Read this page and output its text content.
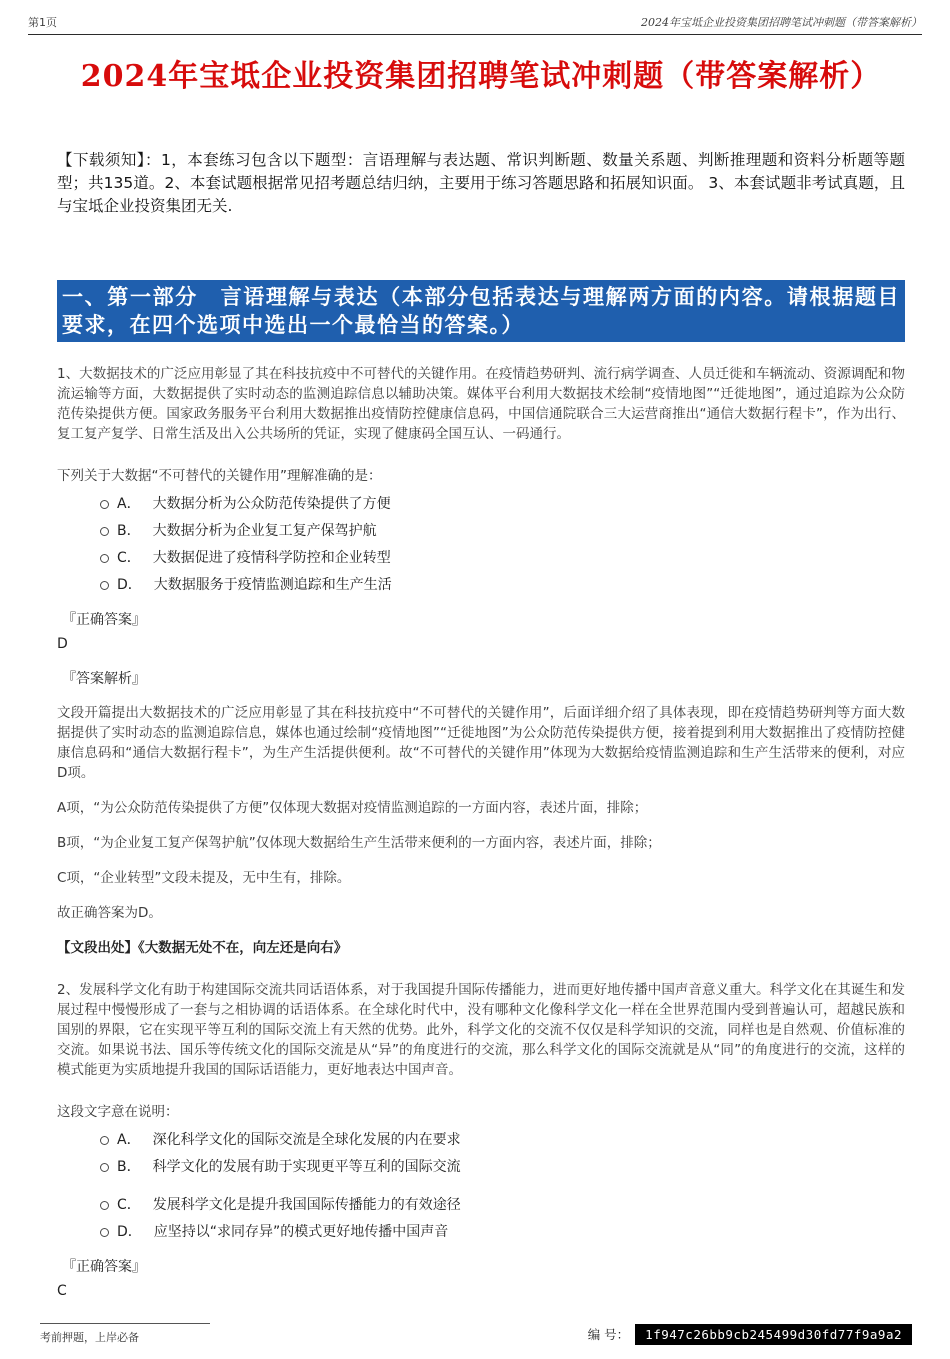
第1页	2024年宝坻企业投资集团招聘笔试冲刺题（带答案解析）
2024年宝坻企业投资集团招聘笔试冲刺题（带答案解析）

【下载须知】：1，本套练习包含以下题型：言语理解与表达题、常识判断题、数量关系题、判断推理题和资料分析题等题型；共135道。2、本套试题根据常见招考题总结归纳，主要用于练习答题思路和拓展知识面。 3、本套试题非考试真题，且与宝坻企业投资集团无关.

一、第一部分　言语理解与表达（本部分包括表达与理解两方面的内容。请根据题目要求，在四个选项中选出一个最恰当的答案。）

1、大数据技术的广泛应用彰显了其在科技抗疫中不可替代的关键作用。在疫情趋势研判、流行病学调查、人员迁徙和车辆流动、资源调配和物流运输等方面，大数据提供了实时动态的监测追踪信息以辅助决策。媒体平台利用大数据技术绘制“疫情地图”“迁徙地图”，通过追踪为公众防范传染提供方便。国家政务服务平台利用大数据推出疫情防控健康信息码，中国信通院联合三大运营商推出“通信大数据行程卡”，作为出行、复工复产复学、日常生活及出入公共场所的凭证，实现了健康码全国互认、一码通行。

下列关于大数据“不可替代的关键作用”理解准确的是：

A． 大数据分析为公众防范传染提供了方便
B． 大数据分析为企业复工复产保驾护航
C． 大数据促进了疫情科学防控和企业转型
D． 大数据服务于疫情监测追踪和生产生活

『正确答案』

D

『答案解析』

文段开篇提出大数据技术的广泛应用彰显了其在科技抗疫中“不可替代的关键作用”，后面详细介绍了具体表现，即在疫情趋势研判等方面大数据提供了实时动态的监测追踪信息，媒体也通过绘制“疫情地图”“迁徙地图”为公众防范传染提供方便，接着提到利用大数据推出了疫情防控健康信息码和“通信大数据行程卡”，为生产生活提供便利。故“不可替代的关键作用”体现为大数据给疫情监测追踪和生产生活带来的便利，对应D项。

A项，“为公众防范传染提供了方便”仅体现大数据对疫情监测追踪的一方面内容，表述片面，排除；

B项，“为企业复工复产保驾护航”仅体现大数据给生产生活带来便利的一方面内容，表述片面，排除；

C项，“企业转型”文段未提及，无中生有，排除。

故正确答案为D。

【文段出处】《大数据无处不在，向左还是向右》

2、发展科学文化有助于构建国际交流共同话语体系，对于我国提升国际传播能力，进而更好地传播中国声音意义重大。科学文化在其诞生和发展过程中慢慢形成了一套与之相协调的话语体系。在全球化时代中，没有哪种文化像科学文化一样在全世界范围内受到普遍认可，超越民族和国别的界限，它在实现平等互利的国际交流上有天然的优势。此外，科学文化的交流不仅仅是科学知识的交流，同样也是自然观、价值标准的交流。如果说书法、国乐等传统文化的国际交流是从“异”的角度进行的交流，那么科学文化的国际交流就是从“同”的角度进行的交流，这样的模式能更为实质地提升我国的国际话语能力，更好地表达中国声音。

这段文字意在说明：

A． 深化科学文化的国际交流是全球化发展的内在要求
B． 科学文化的发展有助于实现更平等互利的国际交流
C． 发展科学文化是提升我国国际传播能力的有效途径
D． 应坚持以“求同存异”的模式更好地传播中国声音

『正确答案』

C

考前押题，上岸必备	编 号：	1f947c26bb9cb245499d30fd77f9a9a2
